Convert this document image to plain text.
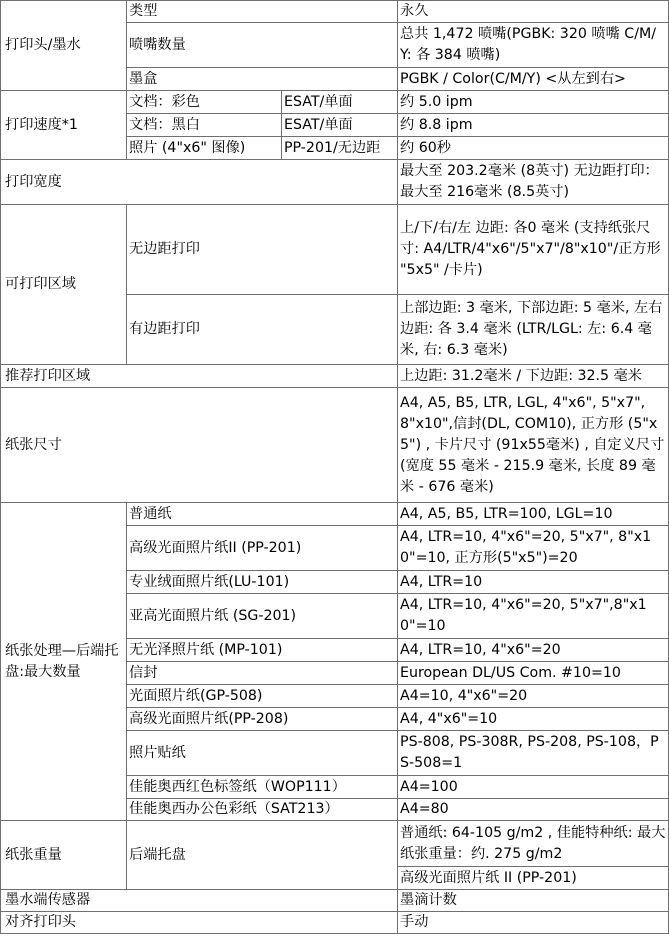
打印头/墨水	类型		永久
	喷嘴数量		总共 1,472 喷嘴(PGBK: 320 喷嘴 C/M/Y: 各 384 喷嘴)
	墨盒		PGBK / Color(C/M/Y) <从左到右>
打印速度*1	文档：彩色	ESAT/单面	约 5.0 ipm
	文档：黑白	ESAT/单面	约 8.8 ipm
	照片 (4"x6" 图像)	PP-201/无边距	约 60秒
打印宽度			最大至 203.2毫米 (8英寸) 无边距打印：最大至 216毫米 (8.5英寸)
可打印区域	无边距打印		上/下/右/左 边距: 各0 毫米 (支持纸张尺寸: A4/LTR/4"x6"/5"x7"/8"x10"/正方形 "5x5" /卡片)
	有边距打印		上部边距: 3 毫米, 下部边距: 5 毫米, 左右边距: 各 3.4 毫米 (LTR/LGL: 左: 6.4 毫米, 右: 6.3 毫米)
推荐打印区域			上边距: 31.2毫米 / 下边距: 32.5 毫米
纸张尺寸			A4, A5, B5, LTR, LGL, 4"x6", 5"x7", 8"x10",信封(DL, COM10), 正方形 (5"x5") , 卡片尺寸 (91x55毫米) , 自定义尺寸 (宽度 55 毫米 - 215.9 毫米, 长度 89 毫米 - 676 毫米)
纸张处理—后端托盘:最大数量	普通纸		A4, A5, B5, LTR=100, LGL=10
	高级光面照片纸II (PP-201)		A4, LTR=10, 4"x6"=20, 5"x7", 8"x10"=10, 正方形(5"x5")=20
	专业绒面照片纸(LU-101)		A4, LTR=10
	亚高光面照片纸 (SG-201)		A4, LTR=10, 4"x6"=20, 5"x7",8"x10"=10
	无光泽照片纸 (MP-101)		A4, LTR=10, 4"x6"=20
	信封		European DL/US Com. #10=10
	光面照片纸(GP-508)		A4=10, 4"x6"=20
	高级光面照片纸(PP-208)		A4, 4"x6"=10
	照片贴纸		PS-808, PS-308R, PS-208, PS-108，PS-508=1
	佳能奥西红色标签纸（WOP111）		A4=100
	佳能奥西办公色彩纸（SAT213）		A4=80
纸张重量	后端托盘		普通纸: 64-105 g/m2 , 佳能特种纸: 最大纸张重量：约. 275 g/m2
			高级光面照片纸 II (PP-201)
墨水端传感器			墨滴计数
对齐打印头			手动
